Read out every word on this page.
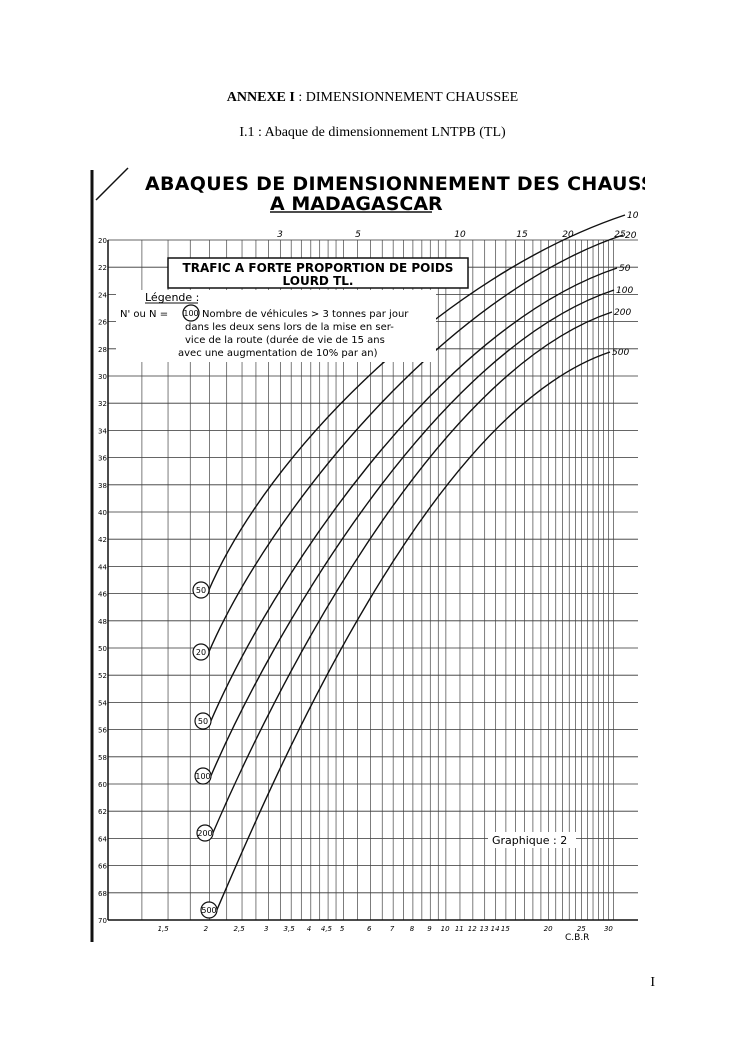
ANNEXE I : DIMENSIONNEMENT CHAUSSEE
I.1 : Abaque de dimensionnement LNTPB (TL)
ABAQUES DE DIMENSIONNEMENT DES CHAUSSEES
A MADAGASCAR
20
22
24
26
28
30
32
34
36
38
40
42
44
46
48
50
52
54
56
58
60
62
64
66
68
70
3	5	10	15	20	25
1,5	2	2,5	3 3,5 4 4,5 5	6	7 8 9 10 11 12 13 14 15	20	25	30
50
20
50
100
200
500
10
20
50
100
200
500
TRAFIC A FORTE PROPORTION DE POIDS
LOURD TL.
Légende :
N' ou N = 100 Nombre de véhicules > 3 tonnes par jour
dans les deux sens lors de la mise en ser-
vice de la route (durée de vie de 15 ans
avec une augmentation de 10% par an)
Graphique : 2
C.B.R
I
